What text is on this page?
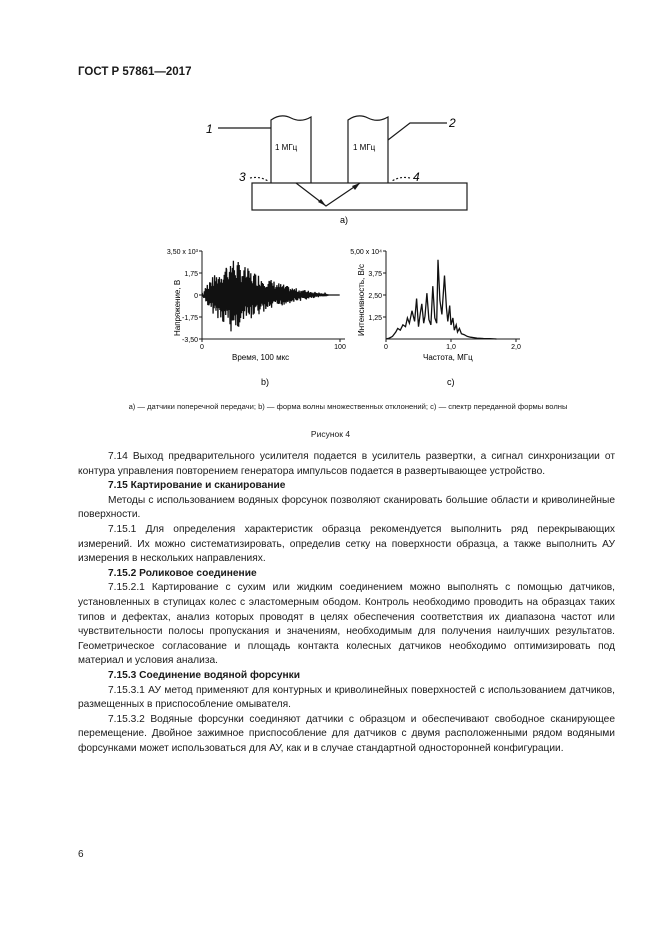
ГОСТ Р 57861—2017
1	2
3	4
1 МГц	1 МГц
a)
3,50 x 10³
1,75
0
-1,75
-3,50
0	100
Время, 100 мкс
Напряжение, В
b)
5,00 x 10⁴
3,75
2,50
1,25
0	1,0	2,0
Частота, МГц
Интенсивность, В/с
c)
а) — датчики поперечной передачи; b) — форма волны множественных отклонений; c) — спектр переданной формы волны
Рисунок 4

7.14 Выход предварительного усилителя подается в усилитель развертки, а сигнал синхронизации от контура управления повторением генератора импульсов подается в развертывающее устройство.

7.15 Картирование и сканирование

Методы с использованием водяных форсунок позволяют сканировать большие области и криволинейные поверхности.

7.15.1 Для определения характеристик образца рекомендуется выполнить ряд перекрывающих измерений. Их можно систематизировать, определив сетку на поверхности образца, а также выполнить АУ измерения в нескольких направлениях.

7.15.2 Роликовое соединение

7.15.2.1 Картирование с сухим или жидким соединением можно выполнять с помощью датчиков, установленных в ступицах колес с эластомерным ободом. Контроль необходимо проводить на образцах таких типов и дефектах, анализ которых проводят в целях обеспечения соответствия их диапазона частот или чувствительности полосы пропускания и значениям, необходимым для получения наилучших результатов. Геометрическое согласование и площадь контакта колесных датчиков необходимо оптимизировать под материал и условия анализа.

7.15.3 Соединение водяной форсунки

7.15.3.1 АУ метод применяют для контурных и криволинейных поверхностей с использованием датчиков, размещенных в приспособление омывателя.

7.15.3.2 Водяные форсунки соединяют датчики с образцом и обеспечивают свободное сканирующее перемещение. Двойное зажимное приспособление для датчиков с двумя расположенными рядом водяными форсунками может использоваться для АУ, как и в случае стандартной односторонней конфигурации.

6
